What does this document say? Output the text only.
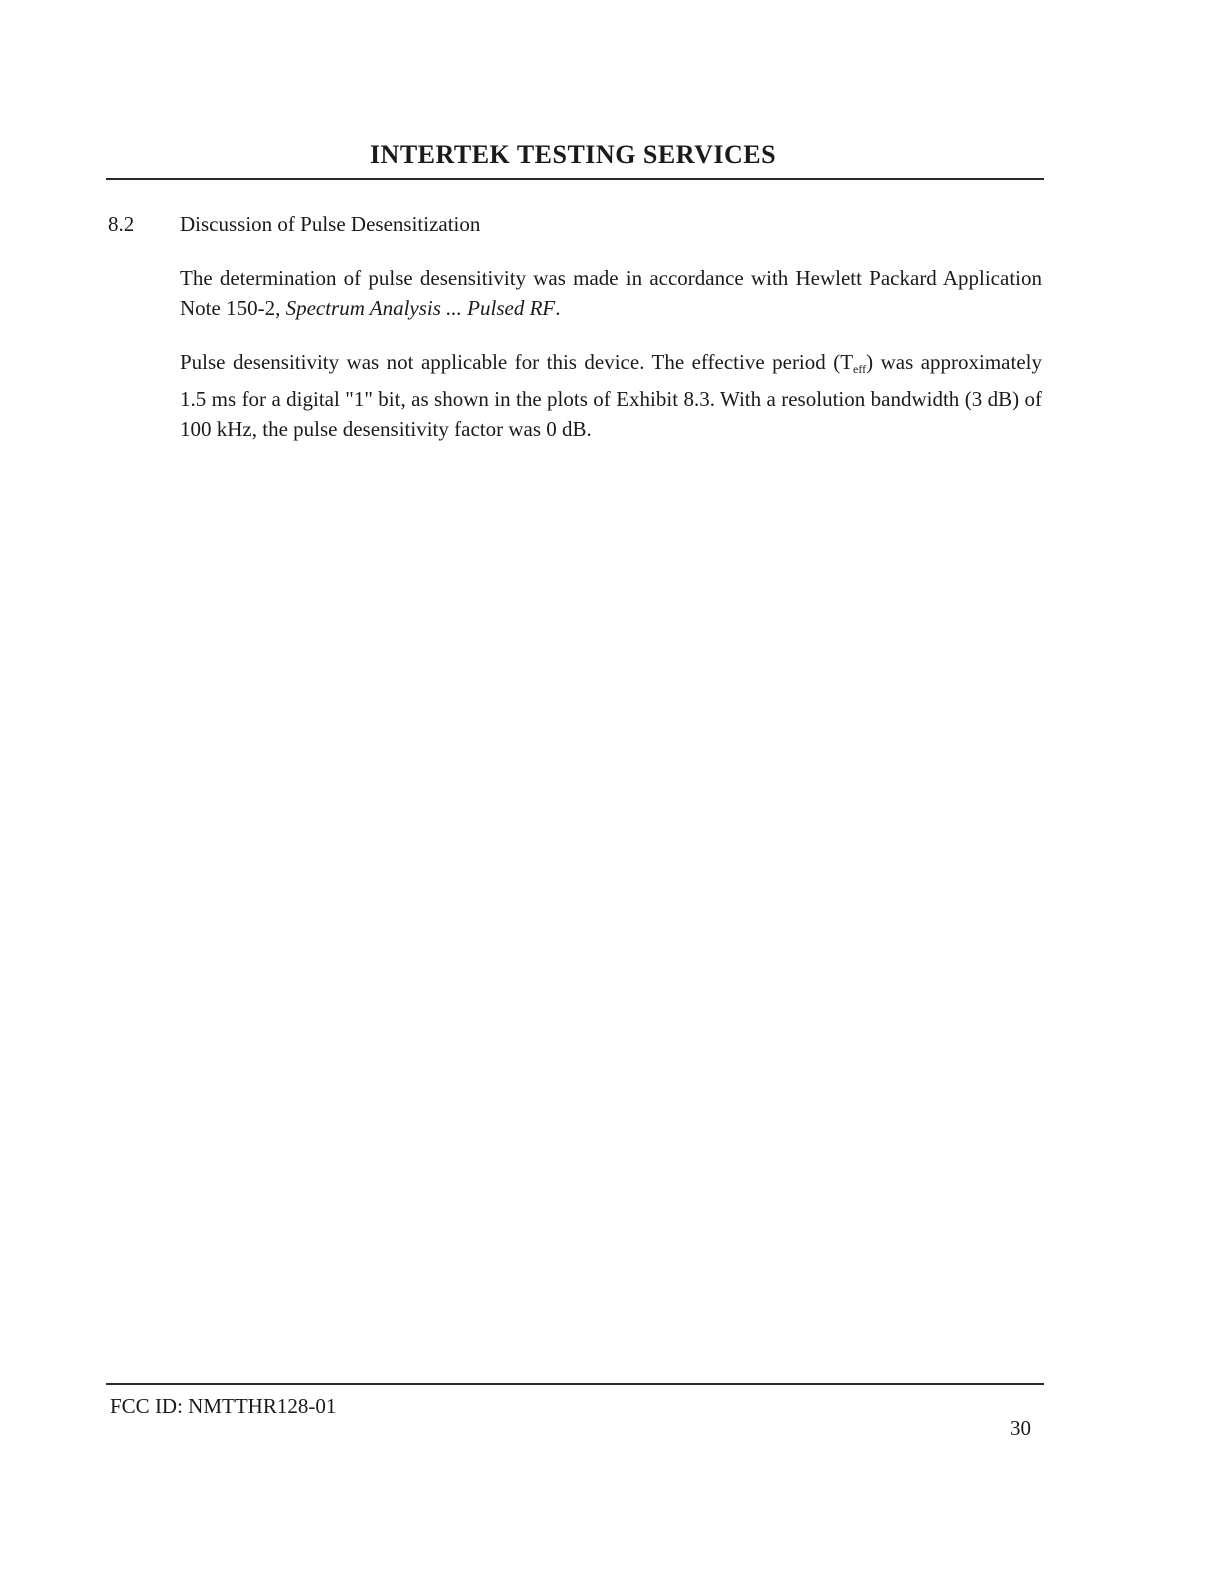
INTERTEK TESTING SERVICES
8.2 Discussion of Pulse Desensitization
The determination of pulse desensitivity was made in accordance with Hewlett Packard Application Note 150-2, Spectrum Analysis ... Pulsed RF.
Pulse desensitivity was not applicable for this device. The effective period $(T_{eff})$ was approximately 1.5 ms for a digital "1" bit, as shown in the plots of Exhibit 8.3. With a resolution bandwidth (3 dB) of 100 kHz, the pulse desensitivity factor was 0 dB.
FCC ID: NMTTHR128-01
30
